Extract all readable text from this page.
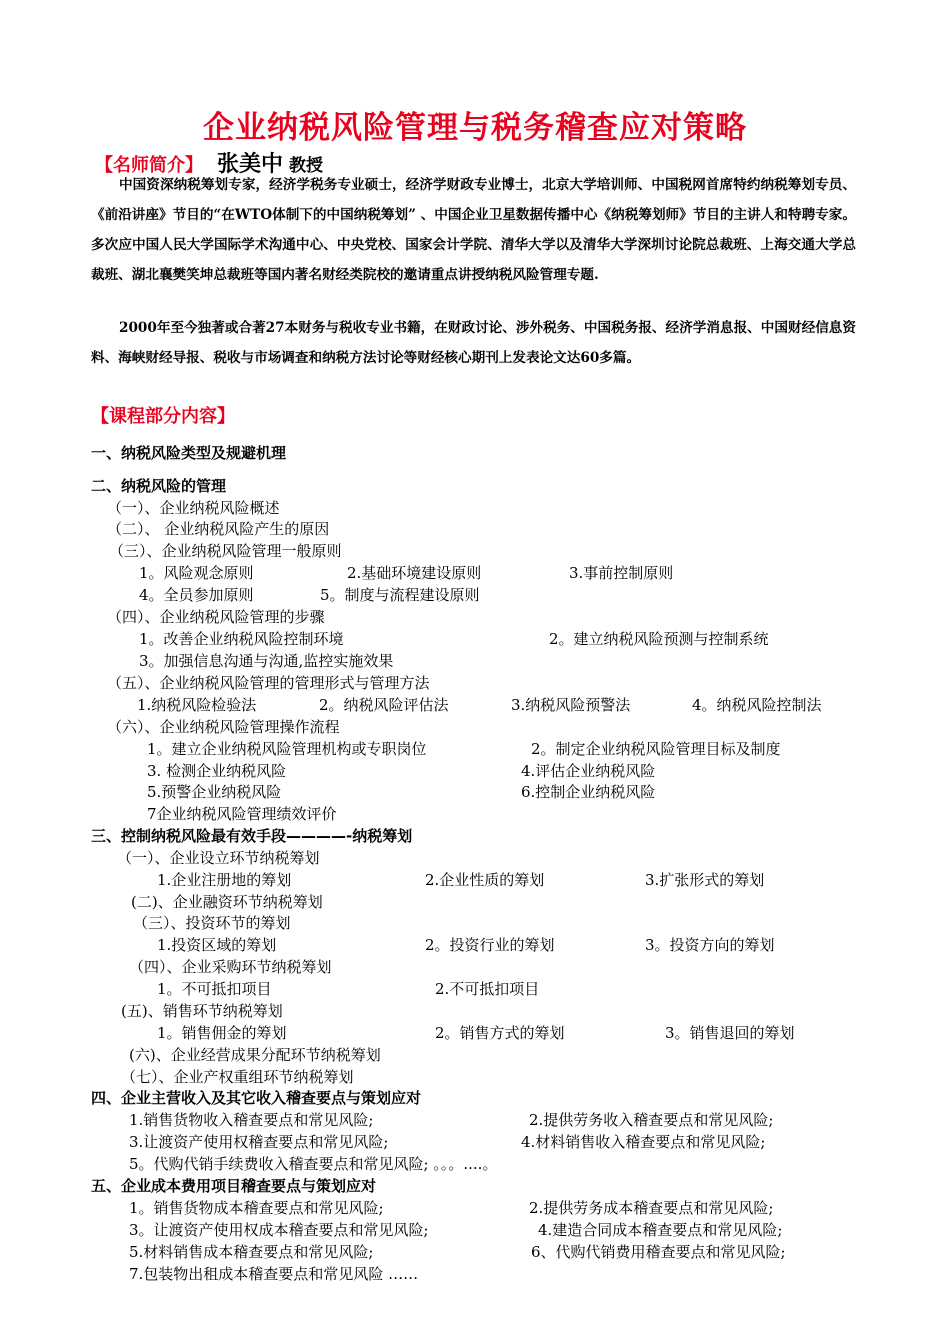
企业纳税风险管理与税务稽查应对策略
【名师简介】 张美中 教授
中国资深纳税筹划专家，经济学税务专业硕士，经济学财政专业博士，北京大学培训师、中国税网首席特约纳税筹划专员、《前沿讲座》节目的“在WTO体制下的中国纳税筹划” 、中国企业卫星数据传播中心《纳税筹划师》节目的主讲人和特聘专家。多次应中国人民大学国际学术沟通中心、中央党校、国家会计学院、清华大学以及清华大学深圳讨论院总裁班、上海交通大学总裁班、湖北襄樊笑坤总裁班等国内著名财经类院校的邀请重点讲授纳税风险管理专题.
2000年至今独著或合著27本财务与税收专业书籍，在财政讨论、涉外税务、中国税务报、经济学消息报、中国财经信息资料、海峡财经导报、税收与市场调查和纳税方法讨论等财经核心期刊上发表论文达60多篇。
【课程部分内容】
一、纳税风险类型及规避机理
二、纳税风险的管理
（一）、企业纳税风险概述
（二）、 企业纳税风险产生的原因
（三）、企业纳税风险管理一般原则
1。风险观念原则	2.基础环境建设原则	3.事前控制原则
4。全员参加原则	5。制度与流程建设原则
（四）、企业纳税风险管理的步骤
1。改善企业纳税风险控制环境	2。建立纳税风险预测与控制系统
3。加强信息沟通与沟通,监控实施效果
（五）、企业纳税风险管理的管理形式与管理方法
1.纳税风险检验法	2。纳税风险评估法	3.纳税风险预警法	4。纳税风险控制法
（六）、企业纳税风险管理操作流程
1。建立企业纳税风险管理机构或专职岗位	2。制定企业纳税风险管理目标及制度
3. 检测企业纳税风险	4.评估企业纳税风险
5.预警企业纳税风险	6.控制企业纳税风险
7企业纳税风险管理绩效评价
三、控制纳税风险最有效手段————-纳税筹划
（一）、企业设立环节纳税筹划
1.企业注册地的筹划	2.企业性质的筹划	3.扩张形式的筹划
(二)、企业融资环节纳税筹划
（三）、投资环节的筹划
1.投资区域的筹划	2。投资行业的筹划	3。投资方向的筹划
（四）、企业采购环节纳税筹划
1。不可抵扣项目	2.不可抵扣项目
(五)、销售环节纳税筹划
1。销售佣金的筹划	2。销售方式的筹划	3。销售退回的筹划
(六)、企业经营成果分配环节纳税筹划
（七）、企业产权重组环节纳税筹划
四、企业主营收入及其它收入稽查要点与策划应对
1.销售货物收入稽查要点和常见风险;	2.提供劳务收入稽查要点和常见风险;
3.让渡资产使用权稽查要点和常见风险;	4.材料销售收入稽查要点和常见风险;
5。代购代销手续费收入稽查要点和常见风险; 。。。....。
五、企业成本费用项目稽查要点与策划应对
1。销售货物成本稽查要点和常见风险;	2.提供劳务成本稽查要点和常见风险;
3。让渡资产使用权成本稽查要点和常见风险;	4.建造合同成本稽查要点和常见风险;
5.材料销售成本稽查要点和常见风险;	6、代购代销费用稽查要点和常见风险;
7.包装物出租成本稽查要点和常见风险 ……
